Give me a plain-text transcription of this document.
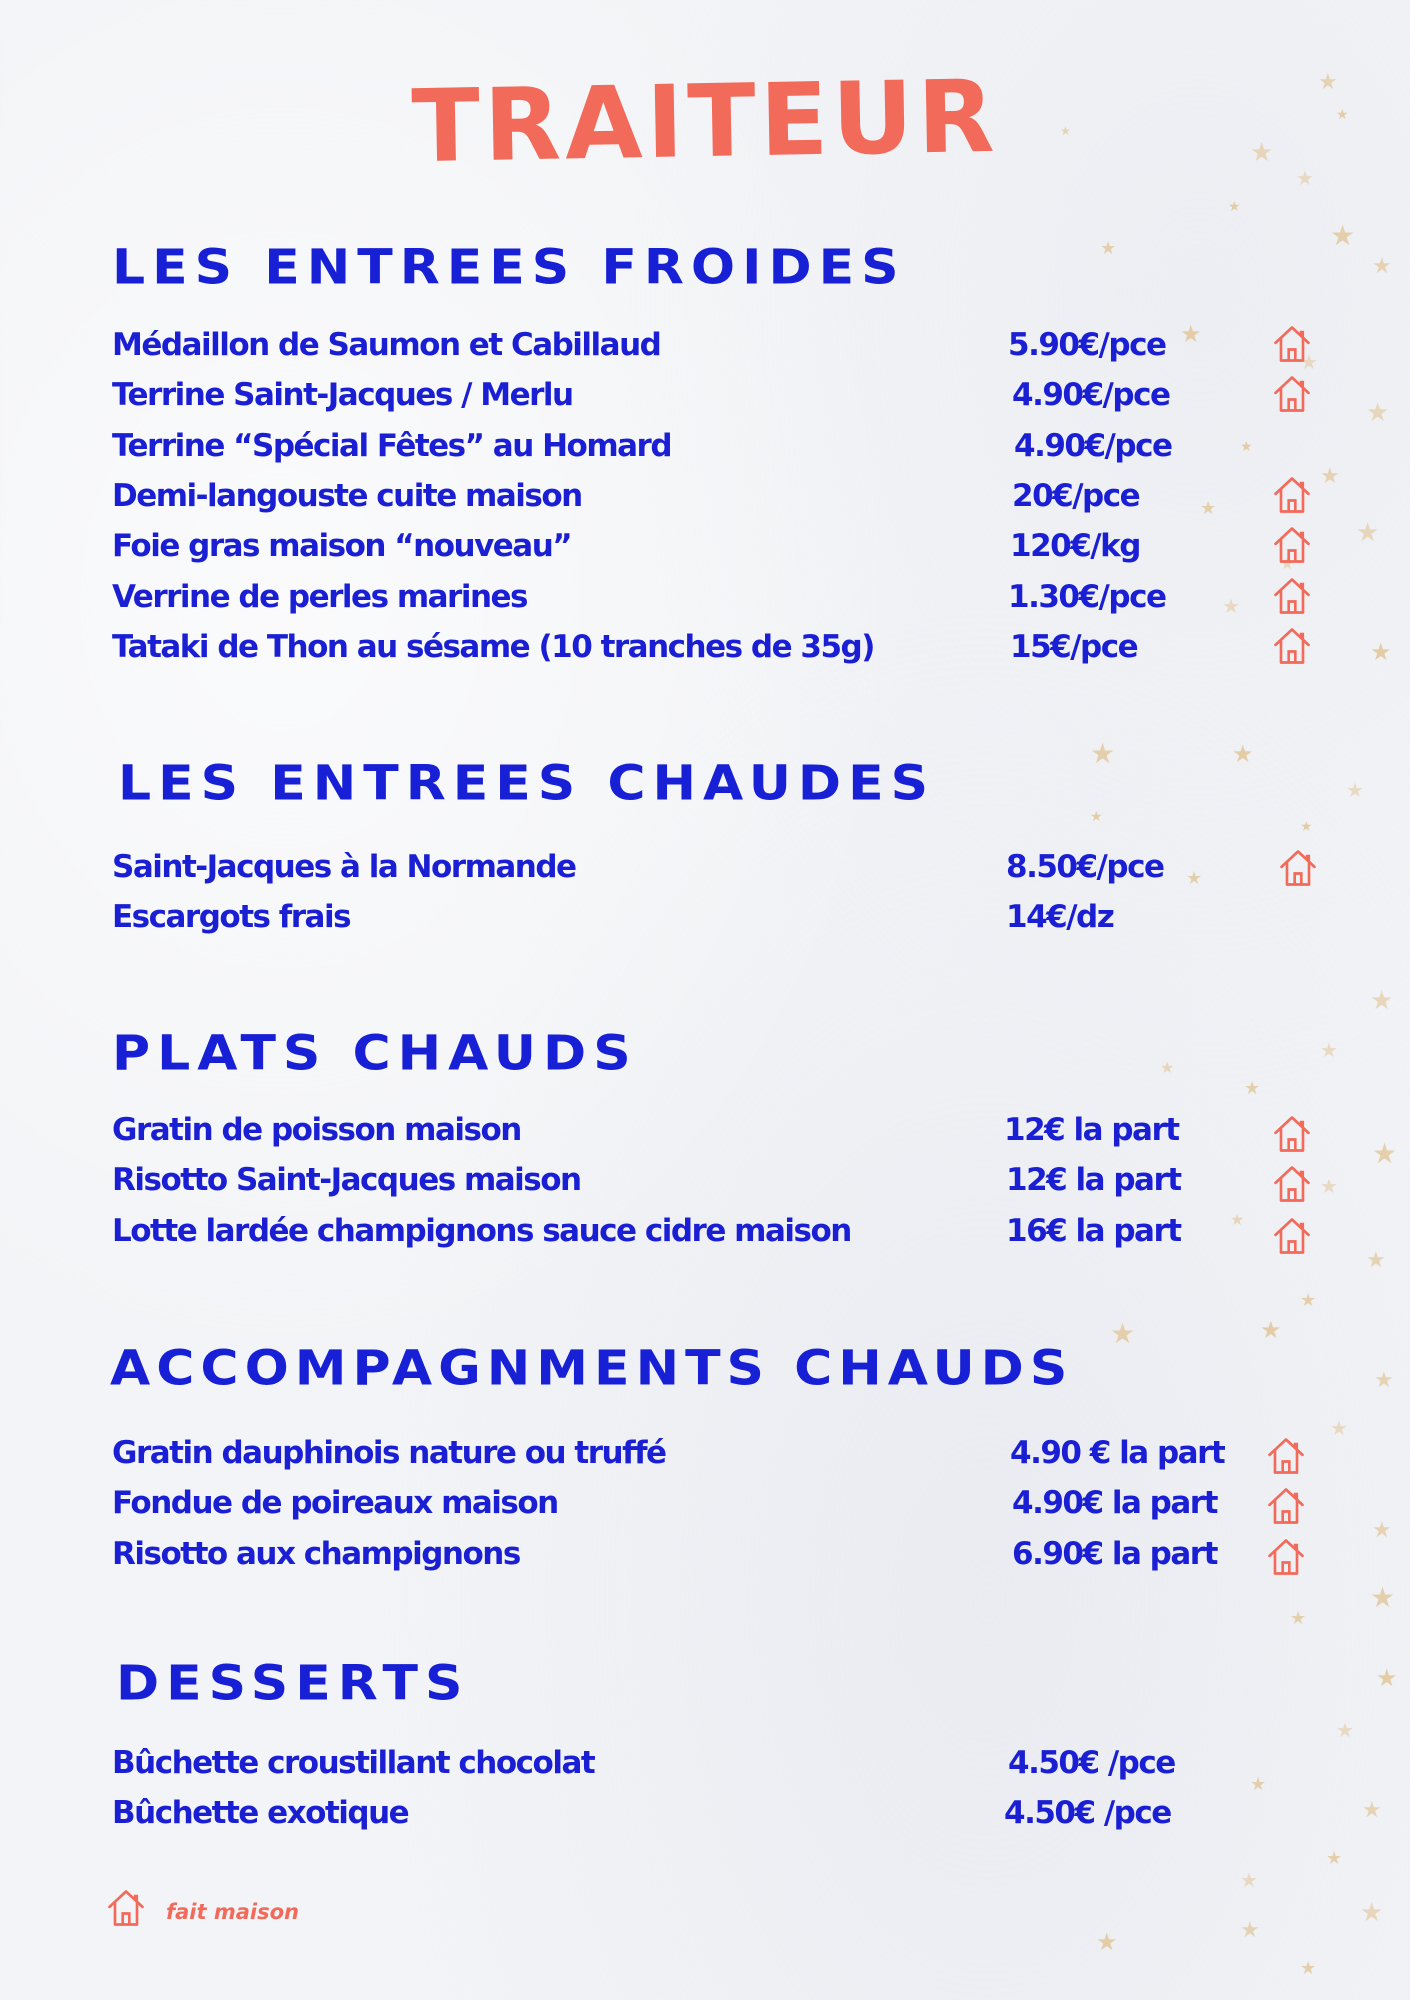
★
★
★
★
★
★
★
★
★
★
★
★
★
★
★
★
★
★
★	★
★
★
★
★
★
★
★
★
★
★
★
★	★
★
★
★
★
★
★
★
★
★
★
★
★
★	★
★
★
★
★
TRAITEUR
LES ENTREES FROIDES
Médaillon de Saumon et Cabillaud	5.90€/pce
Terrine Saint-Jacques / Merlu	4.90€/pce
Terrine “Spécial Fêtes” au Homard	4.90€/pce
Demi-langouste cuite maison	20€/pce
Foie gras maison “nouveau”	120€/kg
Verrine de perles marines	1.30€/pce
Tataki de Thon au sésame (10 tranches de 35g)	15€/pce
LES ENTREES CHAUDES
Saint-Jacques à la Normande	8.50€/pce
Escargots frais	14€/dz
PLATS CHAUDS
Gratin de poisson maison	12€ la part
Risotto Saint-Jacques maison	12€ la part
Lotte lardée champignons sauce cidre maison	16€ la part
ACCOMPAGNMENTS CHAUDS
Gratin dauphinois nature ou truffé	4.90 € la part
Fondue de poireaux maison	4.90€ la part
Risotto aux champignons	6.90€ la part
DESSERTS
Bûchette croustillant chocolat	4.50€ /pce
Bûchette exotique	4.50€ /pce
fait maison
